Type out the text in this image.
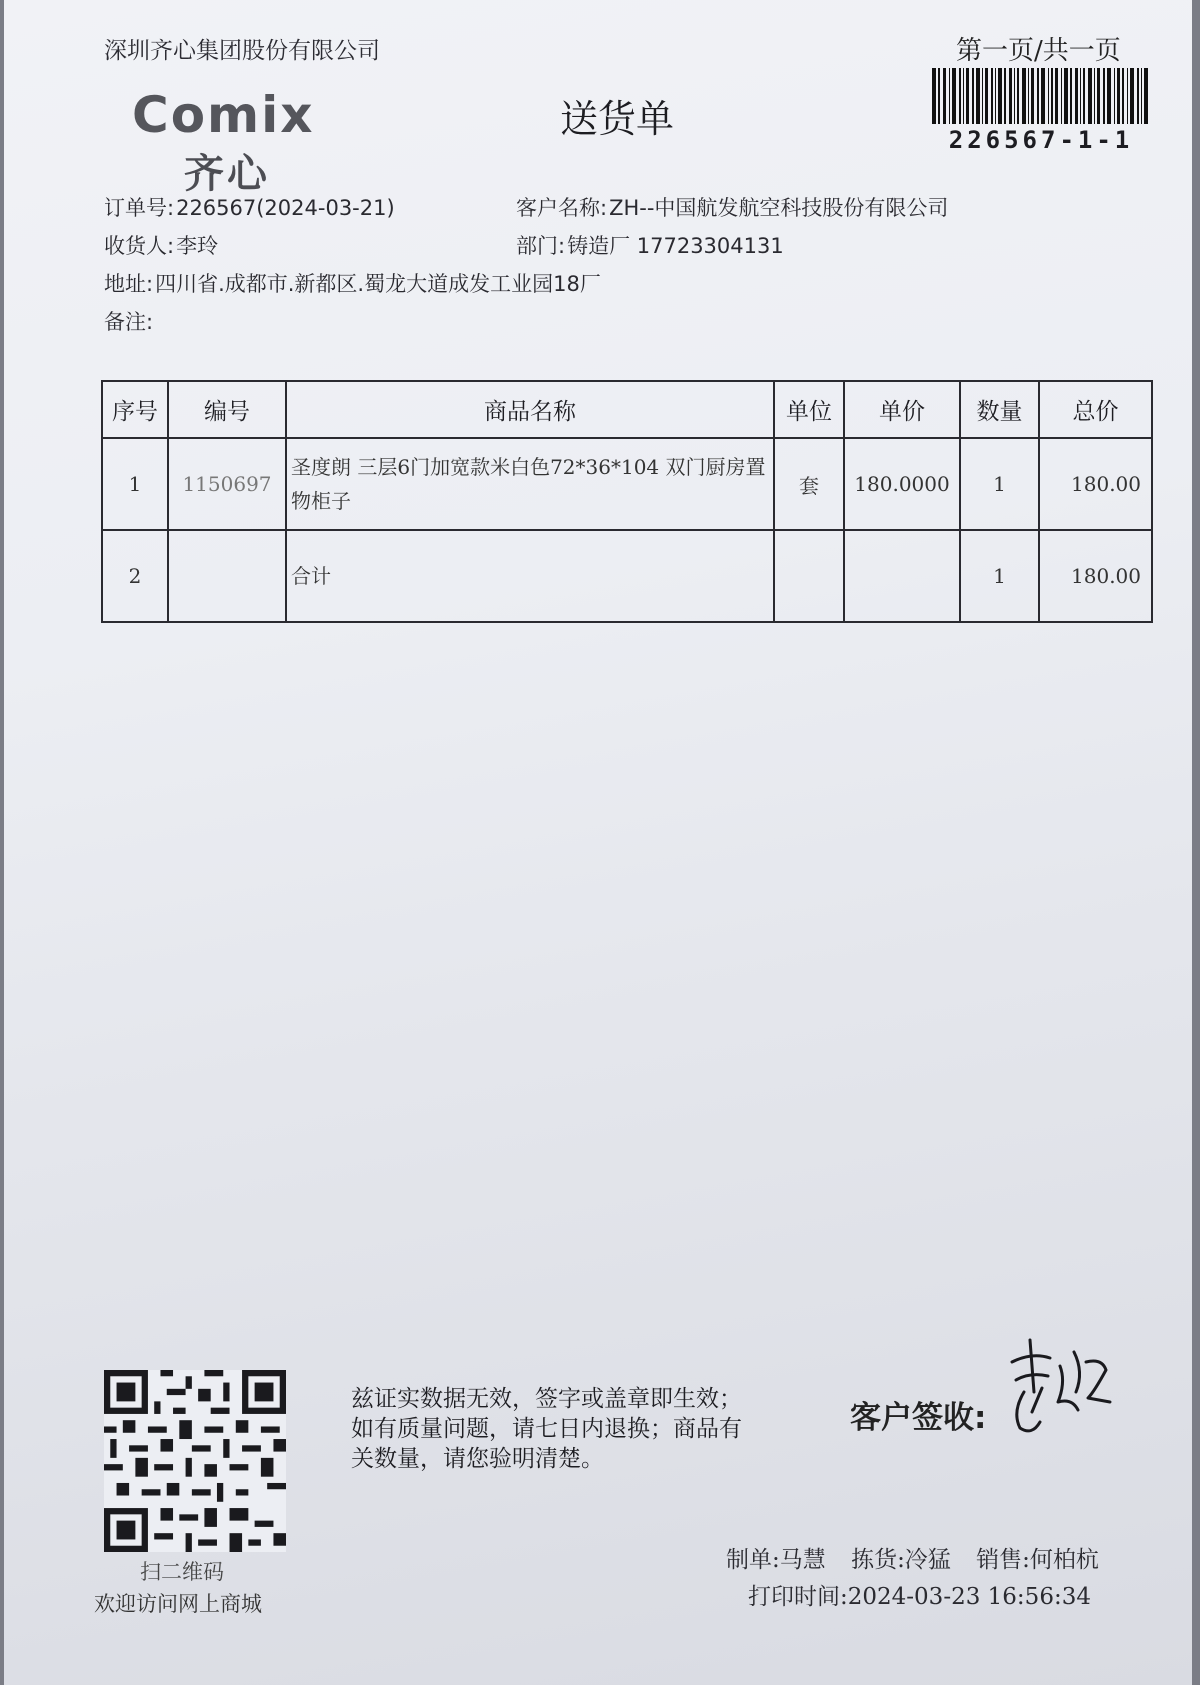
深圳齐心集团股份有限公司	第一页/共一页
226567-1-1
Comix
齐心
送货单
订单号:226567(2024-03-21)	客户名称:ZH--中国航发航空科技股份有限公司
收货人:李玲	部门:铸造厂 17723304131
地址:四川省.成都市.新都区.蜀龙大道成发工业园18厂
备注:
序号	编号	商品名称	单位	单价	数量	总价
1	1150697	圣度朗 三层6门加宽款米白色72*36*104 双门厨房置物柜子	套	180.0000	1	180.00
2		合计			1	180.00
扫二维码
欢迎访问网上商城
兹证实数据无效，签字或盖章即生效；如有质量问题，请七日内退换；商品有关数量，请您验明清楚。
客户签收:
制单:马慧 拣货:冷猛 销售:何柏杭
打印时间:2024-03-23 16:56:34
